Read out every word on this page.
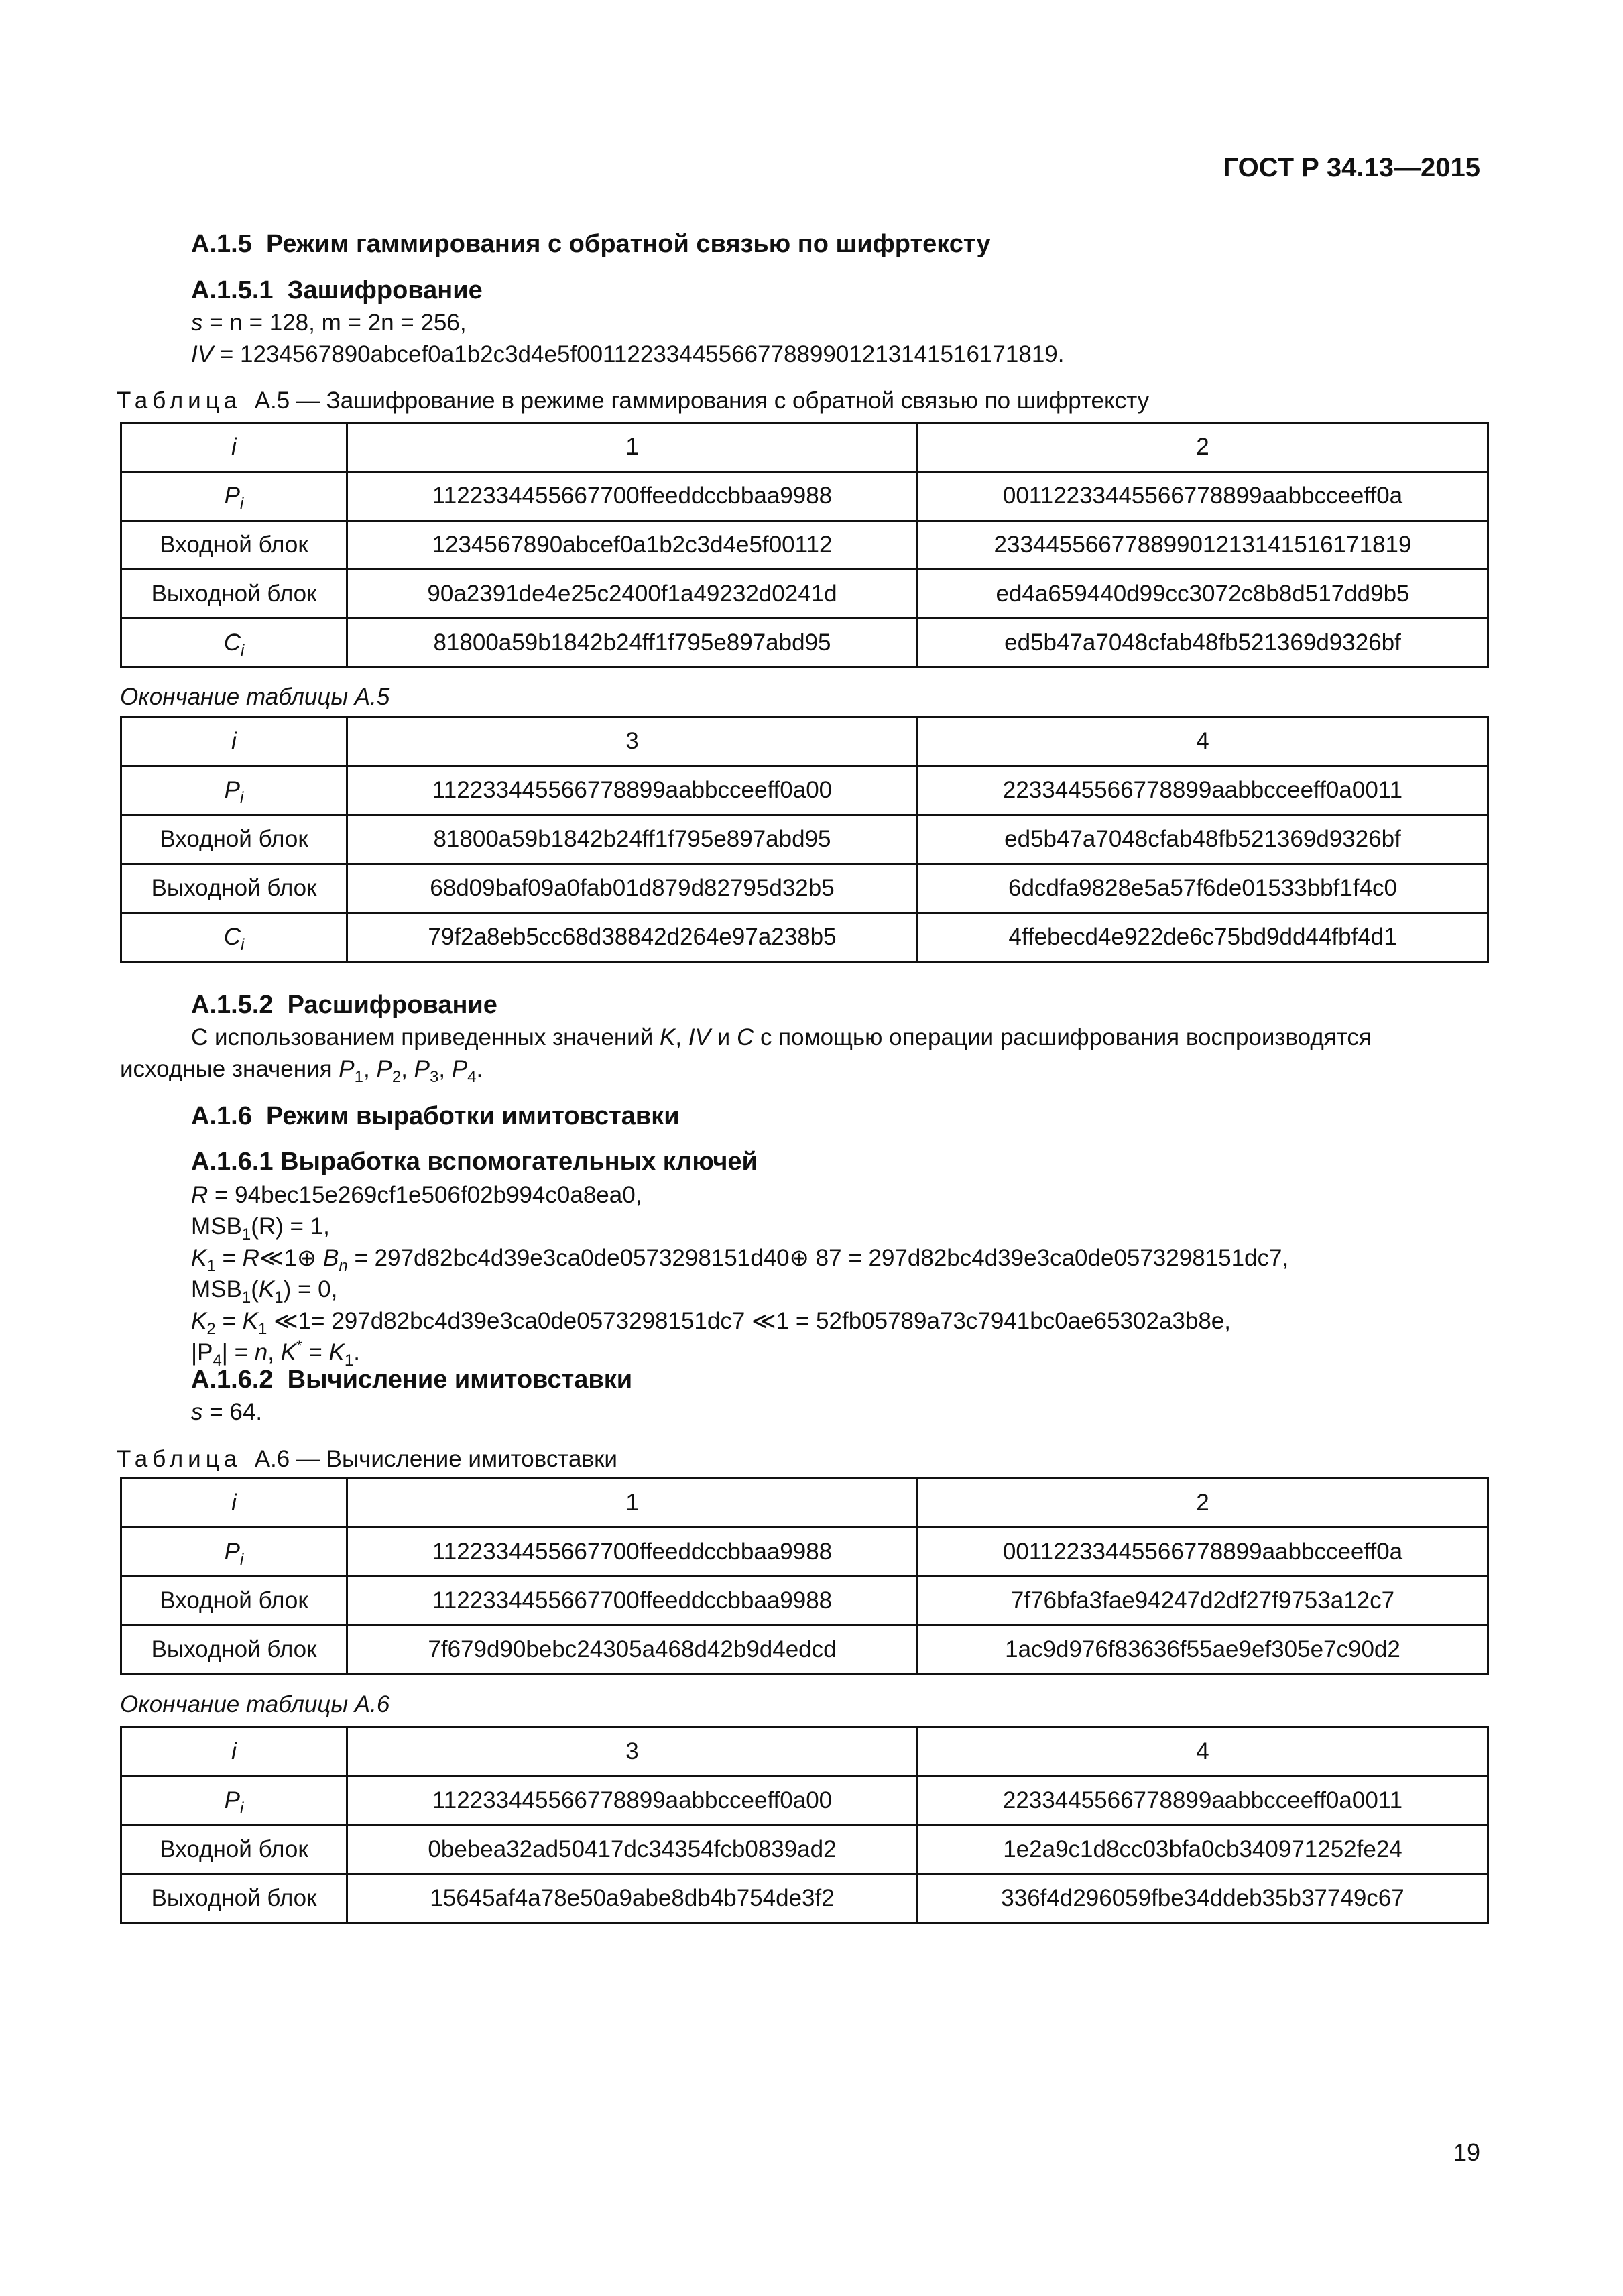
ГОСТ Р 34.13—2015
А.1.5 Режим гаммирования с обратной связью по шифртексту
А.1.5.1 Зашифрование
s = n = 128, m = 2n = 256,
IV = 1234567890abcef0a1b2c3d4e5f0011223344556677889901213141516171819.
Таблица А.5 — Зашифрование в режиме гаммирования с обратной связью по шифртексту
i	1	2
$P_i$	1122334455667700ffeeddccbbaa9988	00112233445566778899aabbcceeff0a
Входной блок	1234567890abcef0a1b2c3d4e5f00112	23344556677889901213141516171819
Выходной блок	90a2391de4e25c2400f1a49232d0241d	ed4a659440d99cc3072c8b8d517dd9b5
$C_i$	81800a59b1842b24ff1f795e897abd95	ed5b47a7048cfab48fb521369d9326bf
Окончание таблицы А.5
i	3	4
$P_i$	112233445566778899aabbcceeff0a00	2233445566778899aabbcceeff0a0011
Входной блок	81800a59b1842b24ff1f795e897abd95	ed5b47a7048cfab48fb521369d9326bf
Выходной блок	68d09baf09a0fab01d879d82795d32b5	6dcdfa9828e5a57f6de01533bbf1f4c0
$C_i$	79f2a8eb5cc68d38842d264e97a238b5	4ffebecd4e922de6c75bd9dd44fbf4d1
А.1.5.2 Расшифрование
С использованием приведенных значений K, IV и C с помощью операции расшифрования воспроизводятся
исходные значения $P_1$, $P_2$, $P_3$, $P_4$.
А.1.6 Режим выработки имитовставки
А.1.6.1 Выработка вспомогательных ключей
R = 94bec15e269cf1e506f02b994c0a8ea0,
$MSB_1(R) = 1$,
$K_1$ = R≪1⊕ $B_n$ = 297d82bc4d39e3ca0de0573298151d40⊕ 87 = 297d82bc4d39e3ca0de0573298151dc7,
$MSB_1(K_1) = 0$,
$K_2 = K_1$ ≪1= 297d82bc4d39e3ca0de0573298151dc7 ≪1 = 52fb05789a73c7941bc0ae65302a3b8e,
$|P_4| = n$, $K^* = K_1$.
А.1.6.2 Вычисление имитовставки
s = 64.
Таблица А.6 — Вычисление имитовставки
i	1	2
$P_i$	1122334455667700ffeeddccbbaa9988	00112233445566778899aabbcceeff0a
Входной блок	1122334455667700ffeeddccbbaa9988	7f76bfa3fae94247d2df27f9753a12c7
Выходной блок	7f679d90bebc24305a468d42b9d4edcd	1ac9d976f83636f55ae9ef305e7c90d2
Окончание таблицы А.6
i	3	4
$P_i$	112233445566778899aabbcceeff0a00	2233445566778899aabbcceeff0a0011
Входной блок	0bebea32ad50417dc34354fcb0839ad2	1e2a9c1d8cc03bfa0cb340971252fe24
Выходной блок	15645af4a78e50a9abe8db4b754de3f2	336f4d296059fbe34ddeb35b37749c67
19
